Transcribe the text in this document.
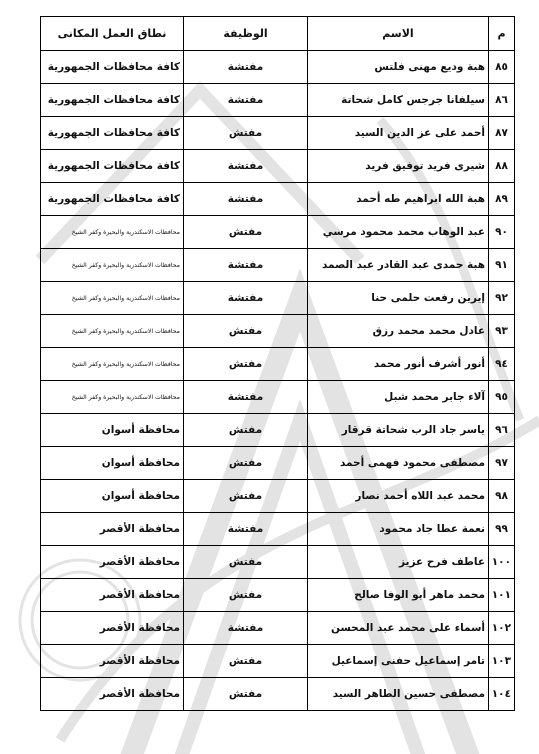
م	الاسم	الوظيفة	نطاق العمل المكانى
٨٥	هبة وديع مهنى فلتس	مفتشة	كافة محافظات الجمهورية
٨٦	سيلفانا جرجس كامل شحاتة	مفتشة	كافة محافظات الجمهورية
٨٧	أحمد على عز الدين السيد	مفتش	كافة محافظات الجمهورية
٨٨	شيرى فريد توفيق فريد	مفتشة	كافة محافظات الجمهورية
٨٩	هبة الله ابراهيم طه أحمد	مفتشة	كافة محافظات الجمهورية
٩٠	عبد الوهاب محمد محمود مرسي	مفتش	محافظات الاسكندرية والبحيرة وكفر الشيخ
٩١	هبة حمدى عبد القادر عبد الصمد	مفتشة	محافظات الاسكندرية والبحيرة وكفر الشيخ
٩٢	إيرين رفعت حلمى حنا	مفتشة	محافظات الاسكندرية والبحيرة وكفر الشيخ
٩٣	عادل محمد محمد رزق	مفتش	محافظات الاسكندرية والبحيرة وكفر الشيخ
٩٤	أنور أشرف أنور محمد	مفتش	محافظات الاسكندرية والبحيرة وكفر الشيخ
٩٥	آلاء جابر محمد شبل	مفتشة	محافظات الاسكندرية والبحيرة وكفر الشيخ
٩٦	ياسر جاد الرب شحاتة قرقار	مفتش	محافظة أسوان
٩٧	مصطفى محمود فهمى أحمد	مفتش	محافظة أسوان
٩٨	محمد عبد اللاه أحمد نصار	مفتش	محافظة أسوان
٩٩	نعمة عطا جاد محمود	مفتشة	محافظة الأقصر
١٠٠	عاطف فرح عزيز	مفتش	محافظة الأقصر
١٠١	محمد ماهر أبو الوفا صالح	مفتش	محافظة الأقصر
١٠٢	أسماء على محمد عبد المحسن	مفتشة	محافظة الأقصر
١٠٣	تامر إسماعيل حفنى إسماعيل	مفتش	محافظة الأقصر
١٠٤	مصطفى حسين الطاهر السيد	مفتش	محافظة الأقصر
